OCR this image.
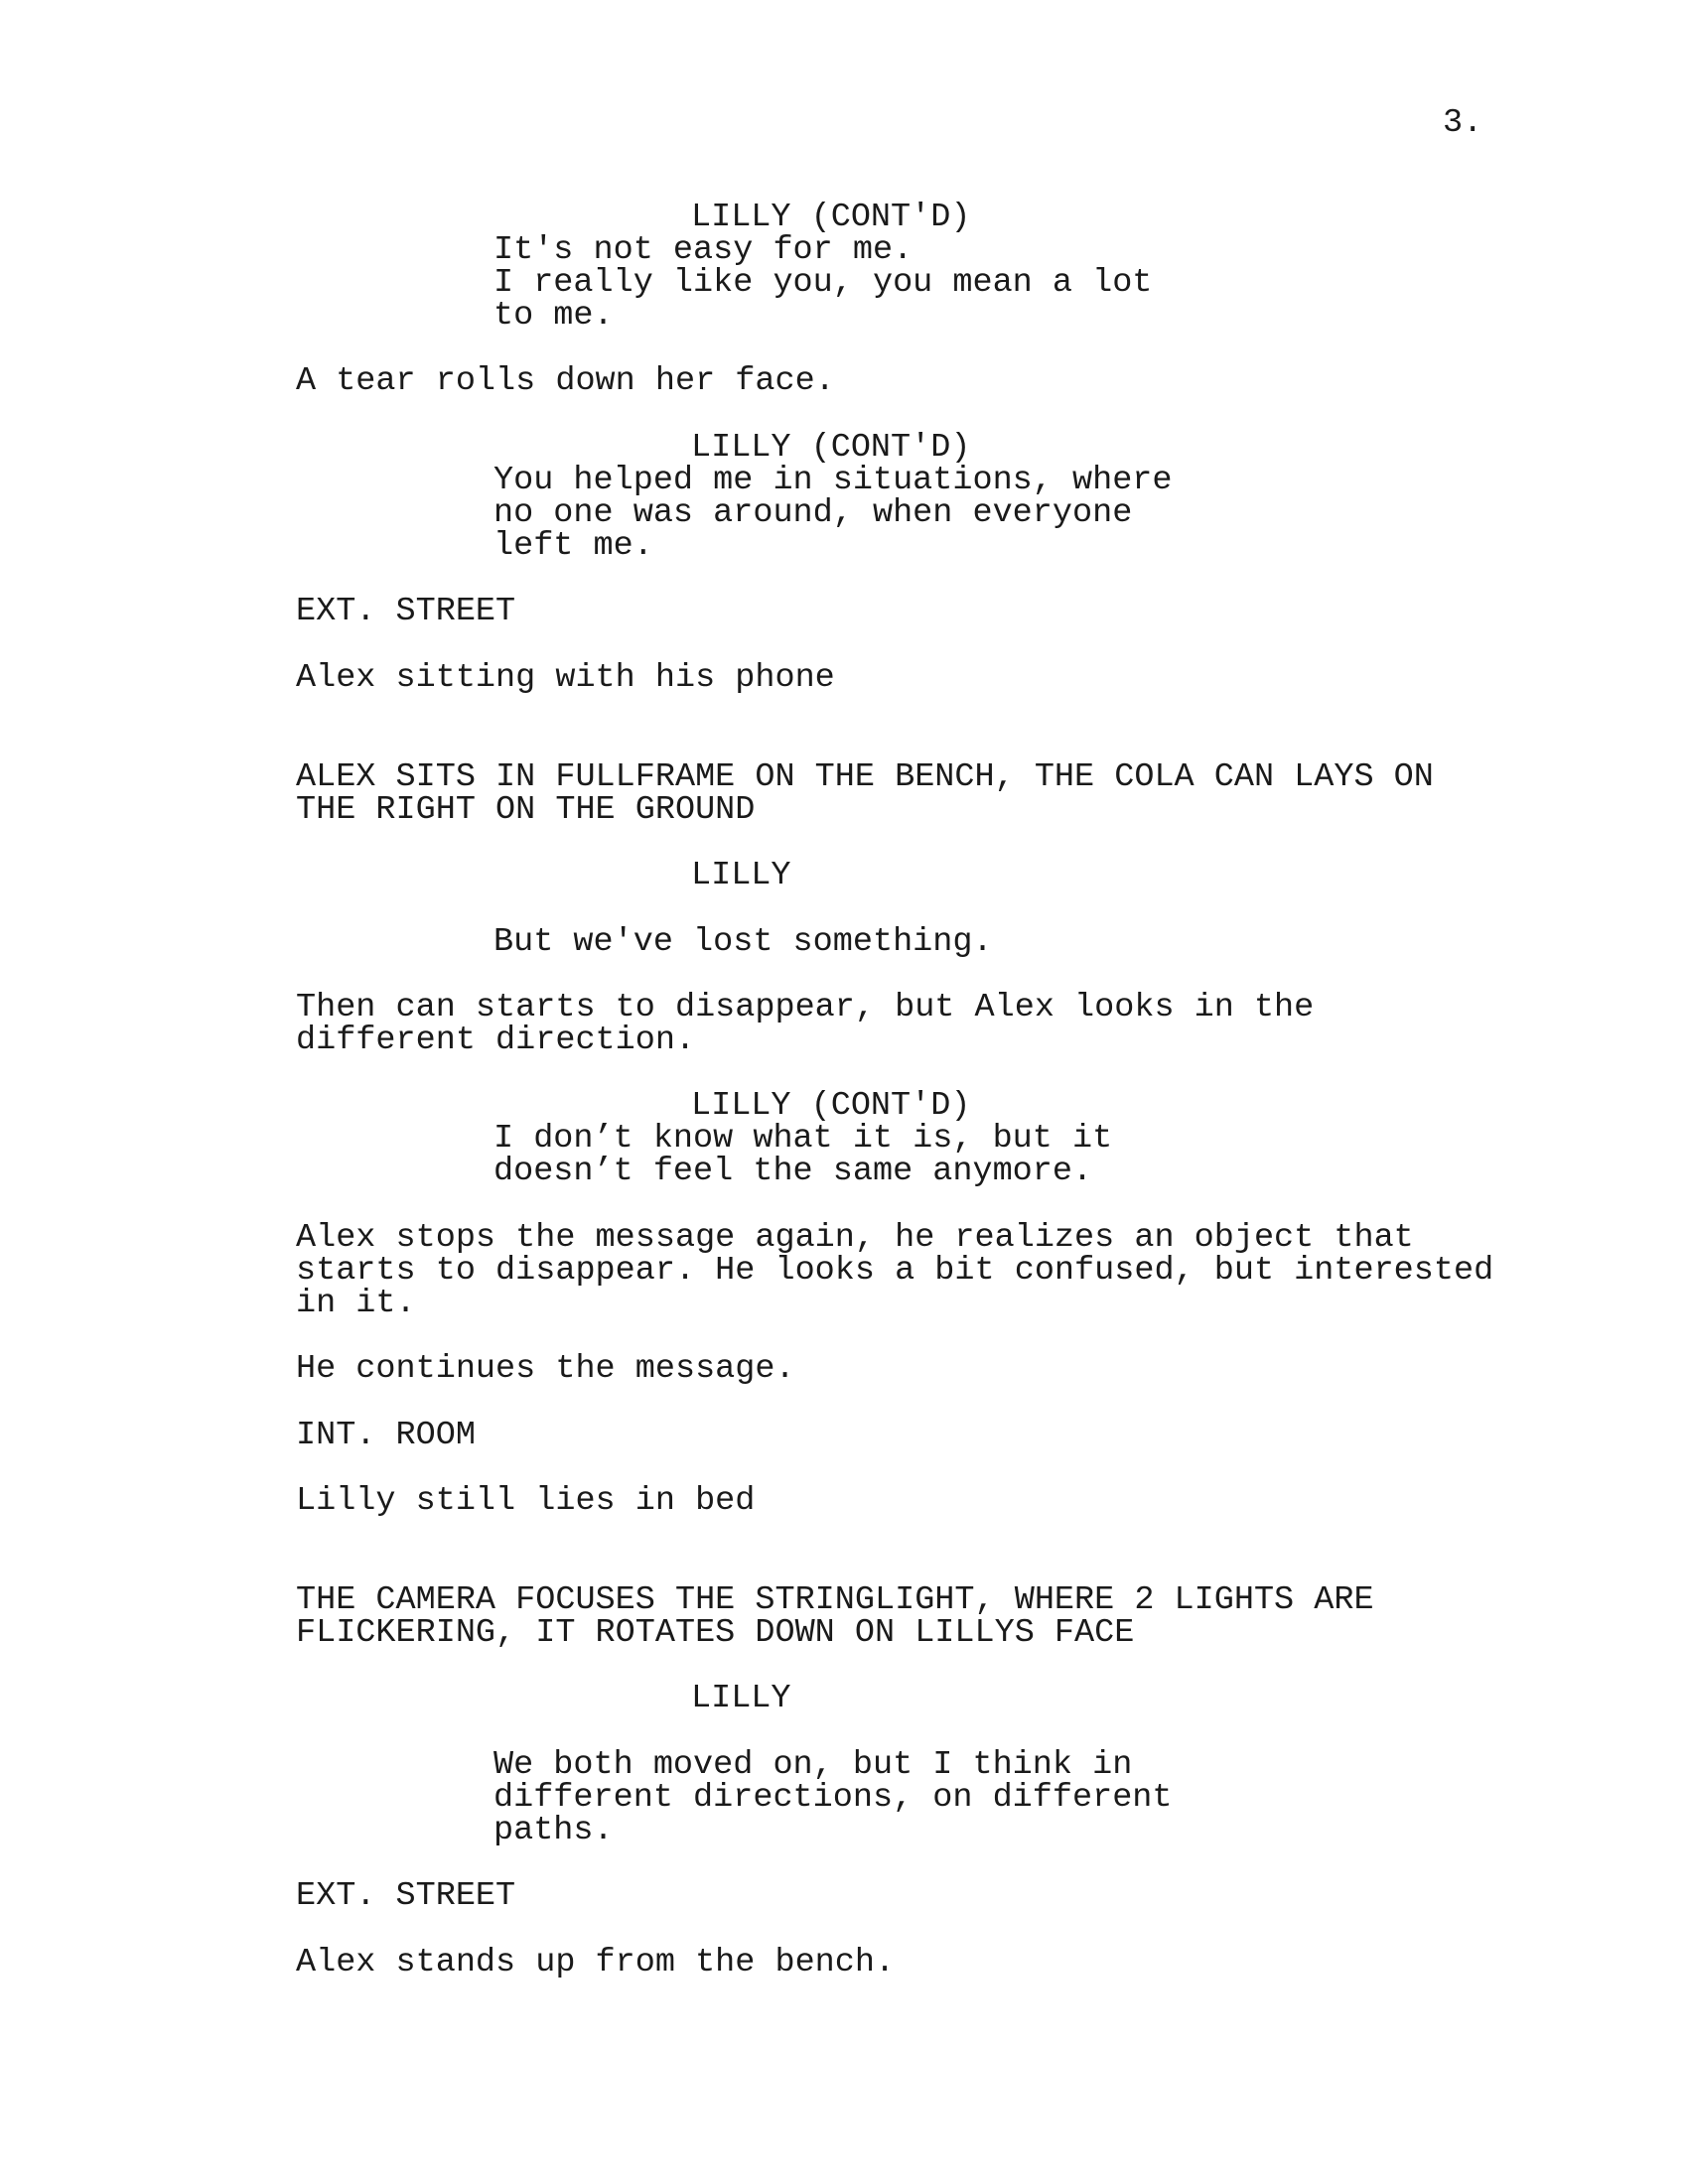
3.
LILLY (CONT'D)
It's not easy for me.
I really like you, you mean a lot
to me.
A tear rolls down her face.
LILLY (CONT'D)
You helped me in situations, where
no one was around, when everyone
left me.
EXT. STREET
Alex sitting with his phone
ALEX SITS IN FULLFRAME ON THE BENCH, THE COLA CAN LAYS ON
THE RIGHT ON THE GROUND
LILLY
But we've lost something.
Then can starts to disappear, but Alex looks in the
different direction.
LILLY (CONT'D)
I don’t know what it is, but it
doesn’t feel the same anymore.
Alex stops the message again, he realizes an object that
starts to disappear. He looks a bit confused, but interested
in it.
He continues the message.
INT. ROOM
Lilly still lies in bed
THE CAMERA FOCUSES THE STRINGLIGHT, WHERE 2 LIGHTS ARE
FLICKERING, IT ROTATES DOWN ON LILLYS FACE
LILLY
We both moved on, but I think in
different directions, on different
paths.
EXT. STREET
Alex stands up from the bench.
